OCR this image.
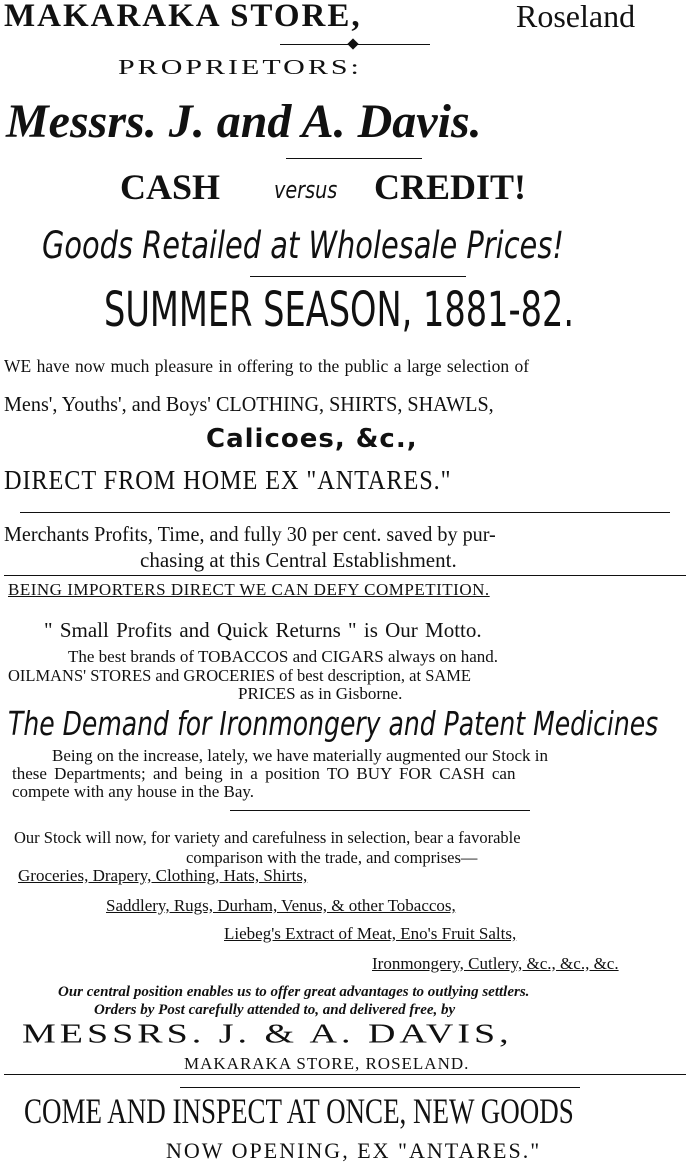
MAKARAKA STORE,	Roseland
PROPRIETORS:
Messrs. J. and A. Davis.
CASH versus CREDIT!
Goods Retailed at Wholesale Prices!
SUMMER SEASON, 1881-82.
WE have now much pleasure in offering to the public a large selection of
Mens', Youths', and Boys' CLOTHING, SHIRTS, SHAWLS,
Calicoes, &c.,
DIRECT FROM HOME EX "ANTARES."
Merchants Profits, Time, and fully 30 per cent. saved by pur-
chasing at this Central Establishment.
BEING IMPORTERS DIRECT WE CAN DEFY COMPETITION.
" Small Profits and Quick Returns " is Our Motto.
The best brands of TOBACCOS and CIGARS always on hand.
OILMANS' STORES and GROCERIES of best description, at SAME
PRICES as in Gisborne.
The Demand for Ironmongery and Patent Medicines
Being on the increase, lately, we have materially augmented our Stock in
these Departments; and being in a position TO BUY FOR CASH can
compete with any house in the Bay.
Our Stock will now, for variety and carefulness in selection, bear a favorable
comparison with the trade, and comprises—
Groceries, Drapery, Clothing, Hats, Shirts,
Saddlery, Rugs, Durham, Venus, & other Tobaccos,
Liebeg's Extract of Meat, Eno's Fruit Salts,
Ironmongery, Cutlery, &c., &c., &c.
Our central position enables us to offer great advantages to outlying settlers.
Orders by Post carefully attended to, and delivered free, by
MESSRS. J. & A. DAVIS,
MAKARAKA STORE, ROSELAND.
COME AND INSPECT AT ONCE, NEW GOODS
NOW OPENING, EX "ANTARES."
